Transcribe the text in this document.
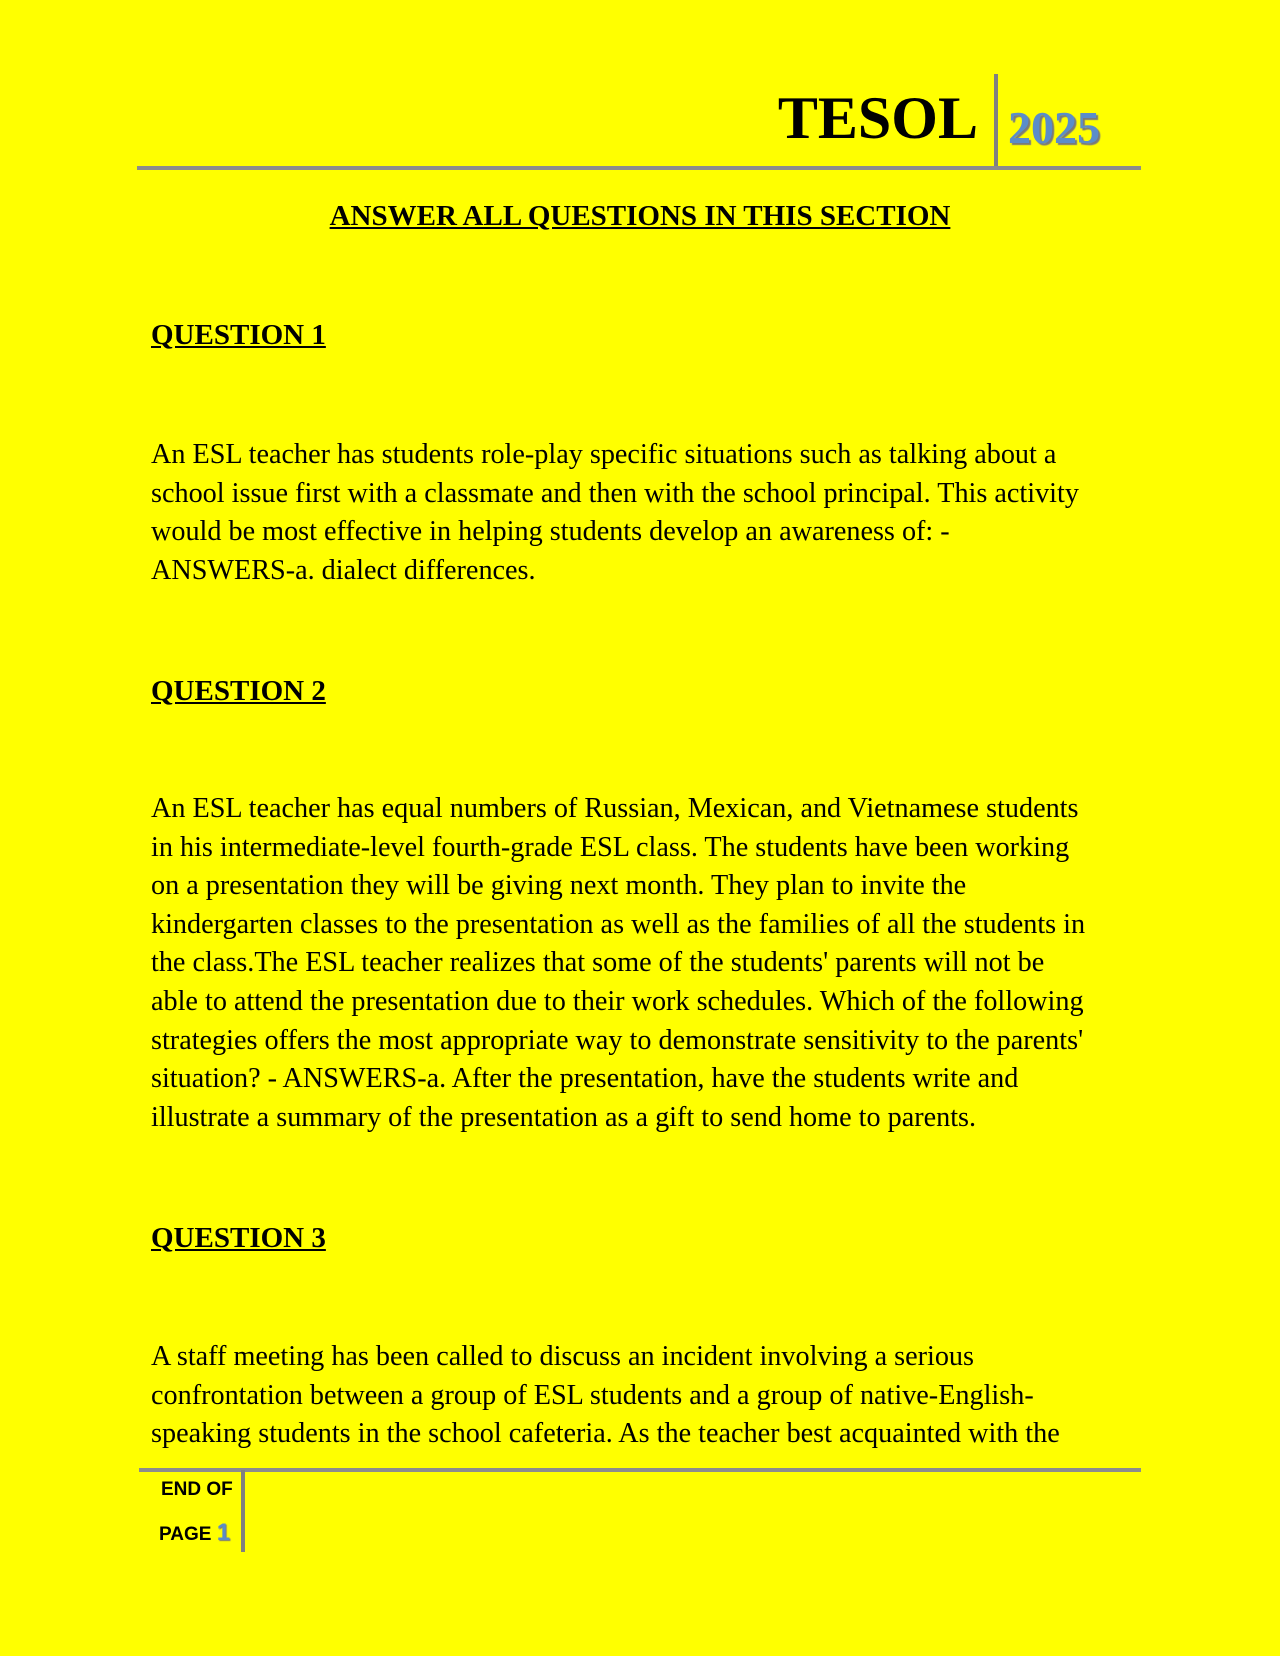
TESOL 2025
ANSWER ALL QUESTIONS IN THIS SECTION
QUESTION 1

An ESL teacher has students role-play specific situations such as talking about a
school issue first with a classmate and then with the school principal. This activity
would be most effective in helping students develop an awareness of: -
ANSWERS-a. dialect differences.

QUESTION 2

An ESL teacher has equal numbers of Russian, Mexican, and Vietnamese students
in his intermediate-level fourth-grade ESL class. The students have been working
on a presentation they will be giving next month. They plan to invite the
kindergarten classes to the presentation as well as the families of all the students in
the class.The ESL teacher realizes that some of the students' parents will not be
able to attend the presentation due to their work schedules. Which of the following
strategies offers the most appropriate way to demonstrate sensitivity to the parents'
situation? - ANSWERS-a. After the presentation, have the students write and
illustrate a summary of the presentation as a gift to send home to parents.

QUESTION 3

A staff meeting has been called to discuss an incident involving a serious
confrontation between a group of ESL students and a group of native-English-
speaking students in the school cafeteria. As the teacher best acquainted with the

END OF
PAGE 1
